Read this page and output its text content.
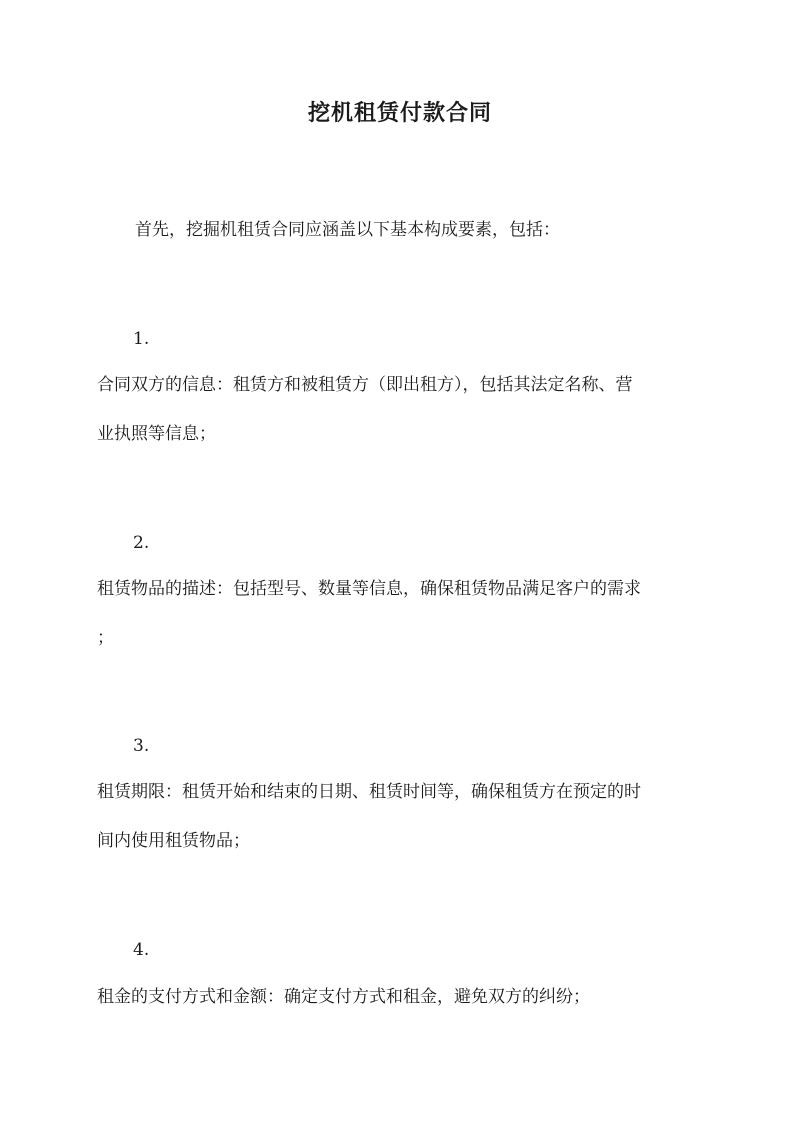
挖机租赁付款合同

首先，挖掘机租赁合同应涵盖以下基本构成要素，包括：

1.

合同双方的信息：租赁方和被租赁方（即出租方），包括其法定名称、营

业执照等信息；

2.

租赁物品的描述：包括型号、数量等信息，确保租赁物品满足客户的需求

；

3.

租赁期限：租赁开始和结束的日期、租赁时间等，确保租赁方在预定的时

间内使用租赁物品；

4.

租金的支付方式和金额：确定支付方式和租金，避免双方的纠纷；
